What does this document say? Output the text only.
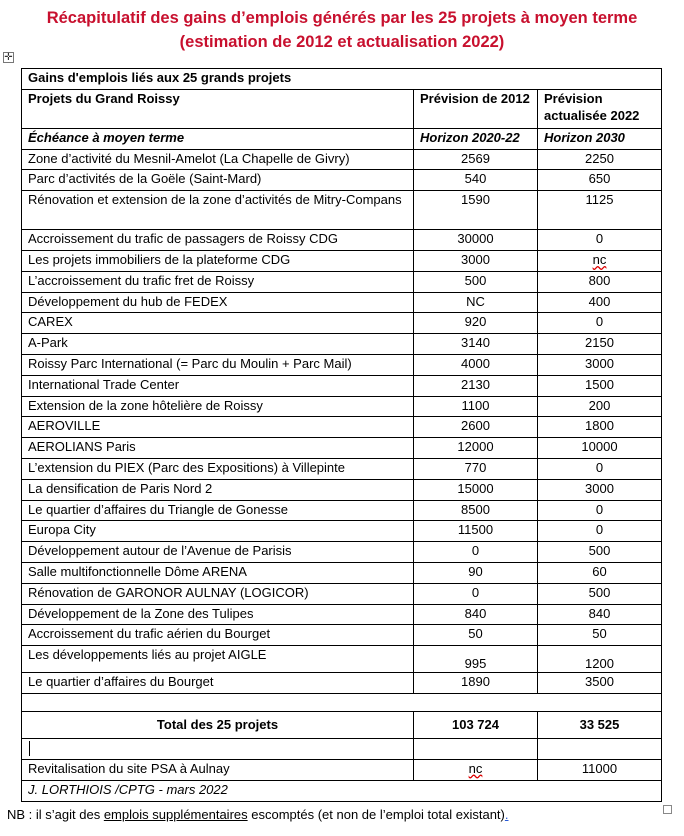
Récapitulatif des gains d’emplois générés par les 25 projets à moyen terme
(estimation de 2012 et actualisation 2022)
✛
Gains d'emplois liés aux 25 grands projets		
Projets du Grand Roissy	Prévision de 2012	Prévision actualisée 2022
Échéance à moyen terme	Horizon 2020-22	Horizon 2030
Zone d’activité du Mesnil-Amelot (La Chapelle de Givry)	2569	2250
Parc d’activités de la Goële (Saint-Mard)	540	650
Rénovation et extension de la zone d’activités de Mitry-Compans	1590	1125
Accroissement du trafic de passagers de Roissy CDG	30000	0
Les projets immobiliers de la plateforme CDG	3000	nc
L’accroissement du trafic fret de Roissy	500	800
Développement du hub de FEDEX	NC	400
CAREX	920	0
A-Park	3140	2150
Roissy Parc International (= Parc du Moulin + Parc Mail)	4000	3000
International Trade Center	2130	1500
Extension de la zone hôtelière de Roissy	1100	200
AEROVILLE	2600	1800
AEROLIANS Paris	12000	10000
L’extension du PIEX (Parc des Expositions) à Villepinte	770	0
La densification de Paris Nord 2	15000	3000
Le quartier d’affaires du Triangle de Gonesse	8500	0
Europa City	11500	0
Développement autour de l’Avenue de Parisis	0	500
Salle multifonctionnelle Dôme ARENA	90	60
Rénovation de GARONOR AULNAY (LOGICOR)	0	500
Développement de la Zone des Tulipes	840	840
Accroissement du trafic aérien du Bourget	50	50
Les développements liés au projet AIGLE	995	1200
Le quartier d’affaires du Bourget	1890	3500

Total des 25 projets	103 724	33 525

Revitalisation du site PSA à Aulnay	nc	11000
J. LORTHIOIS /CPTG - mars 2022		
NB : il s’agit des emplois supplémentaires escomptés (et non de l’emploi total existant).
